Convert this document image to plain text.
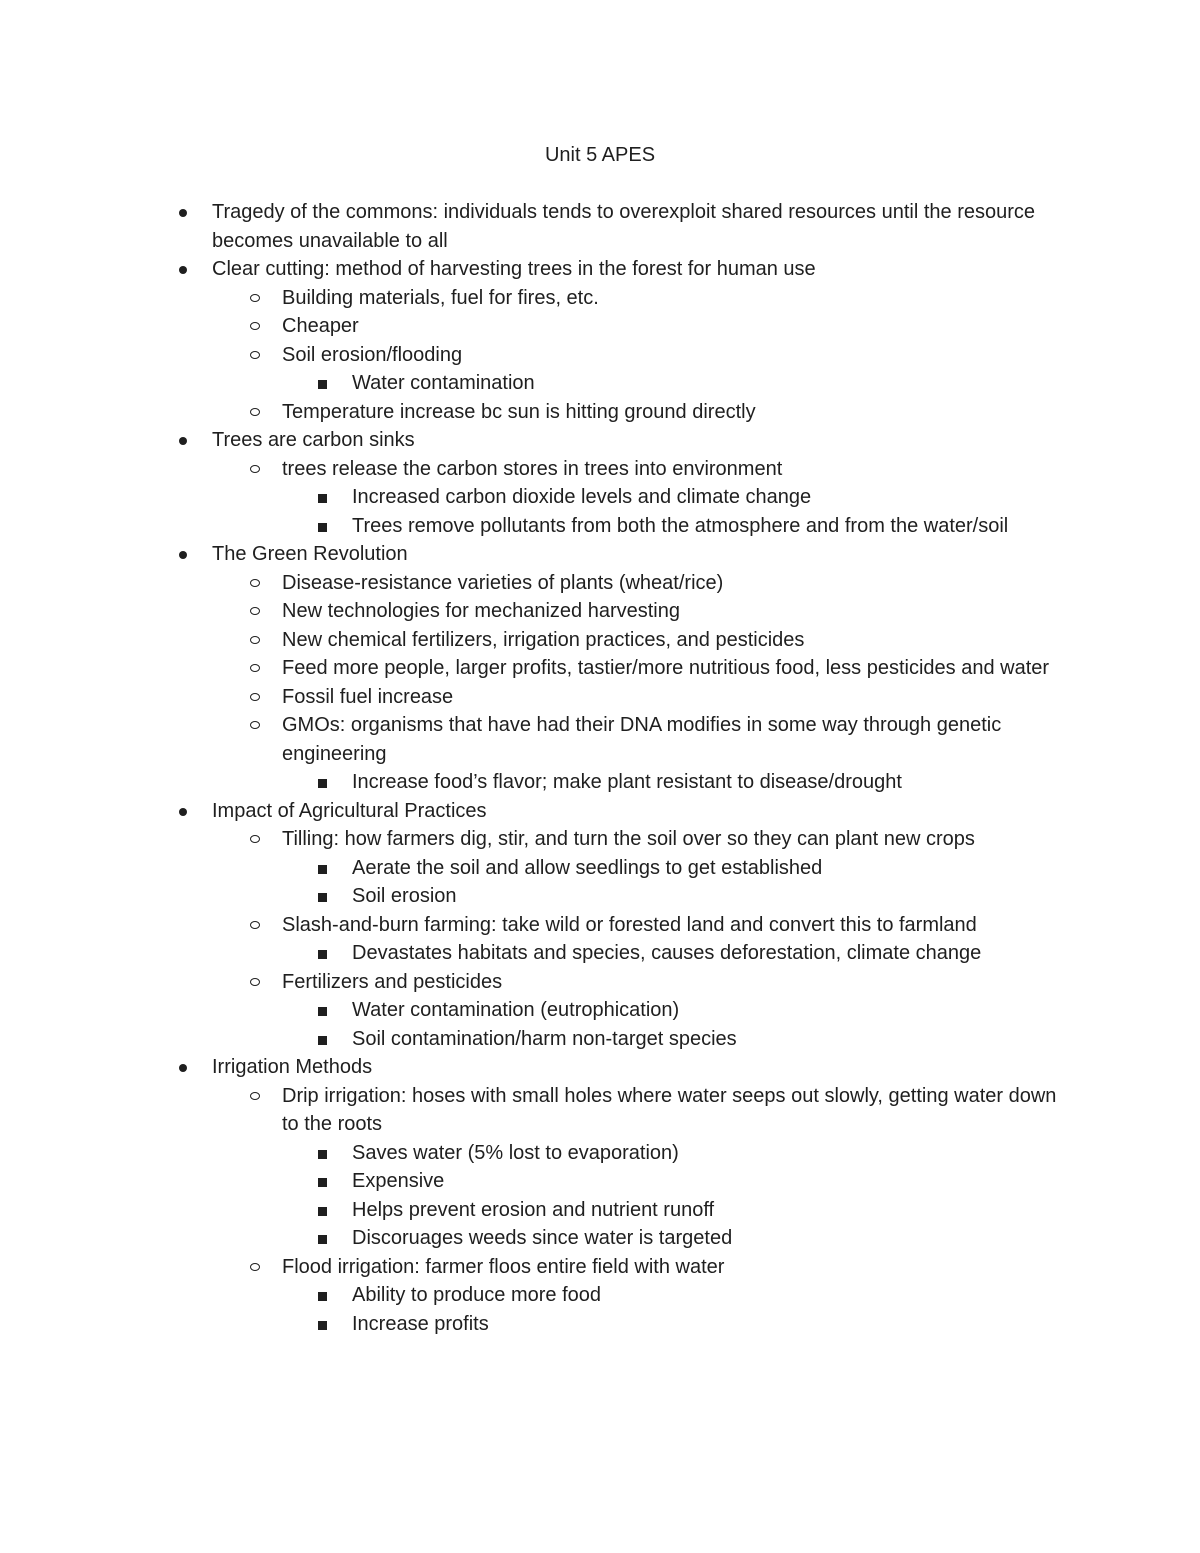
Unit 5 APES
Tragedy of the commons: individuals tends to overexploit shared resources until the resource becomes unavailable to all
Clear cutting: method of harvesting trees in the forest for human use
Building materials, fuel for fires, etc.
Cheaper
Soil erosion/flooding
Water contamination
Temperature increase bc sun is hitting ground directly
Trees are carbon sinks
trees release the carbon stores in trees into environment
Increased carbon dioxide levels and climate change
Trees remove pollutants from both the atmosphere and from the water/soil
The Green Revolution
Disease-resistance varieties of plants (wheat/rice)
New technologies for mechanized harvesting
New chemical fertilizers, irrigation practices, and pesticides
Feed more people, larger profits, tastier/more nutritious food, less pesticides and water
Fossil fuel increase
GMOs: organisms that have had their DNA modifies in some way through genetic engineering
Increase food’s flavor; make plant resistant to disease/drought
Impact of Agricultural Practices
Tilling: how farmers dig, stir, and turn the soil over so they can plant new crops
Aerate the soil and allow seedlings to get established
Soil erosion
Slash-and-burn farming: take wild or forested land and convert this to farmland
Devastates habitats and species, causes deforestation, climate change
Fertilizers and pesticides
Water contamination (eutrophication)
Soil contamination/harm non-target species
Irrigation Methods
Drip irrigation: hoses with small holes where water seeps out slowly, getting water down to the roots
Saves water (5% lost to evaporation)
Expensive
Helps prevent erosion and nutrient runoff
Discoruages weeds since water is targeted
Flood irrigation: farmer floos entire field with water
Ability to produce more food
Increase profits
